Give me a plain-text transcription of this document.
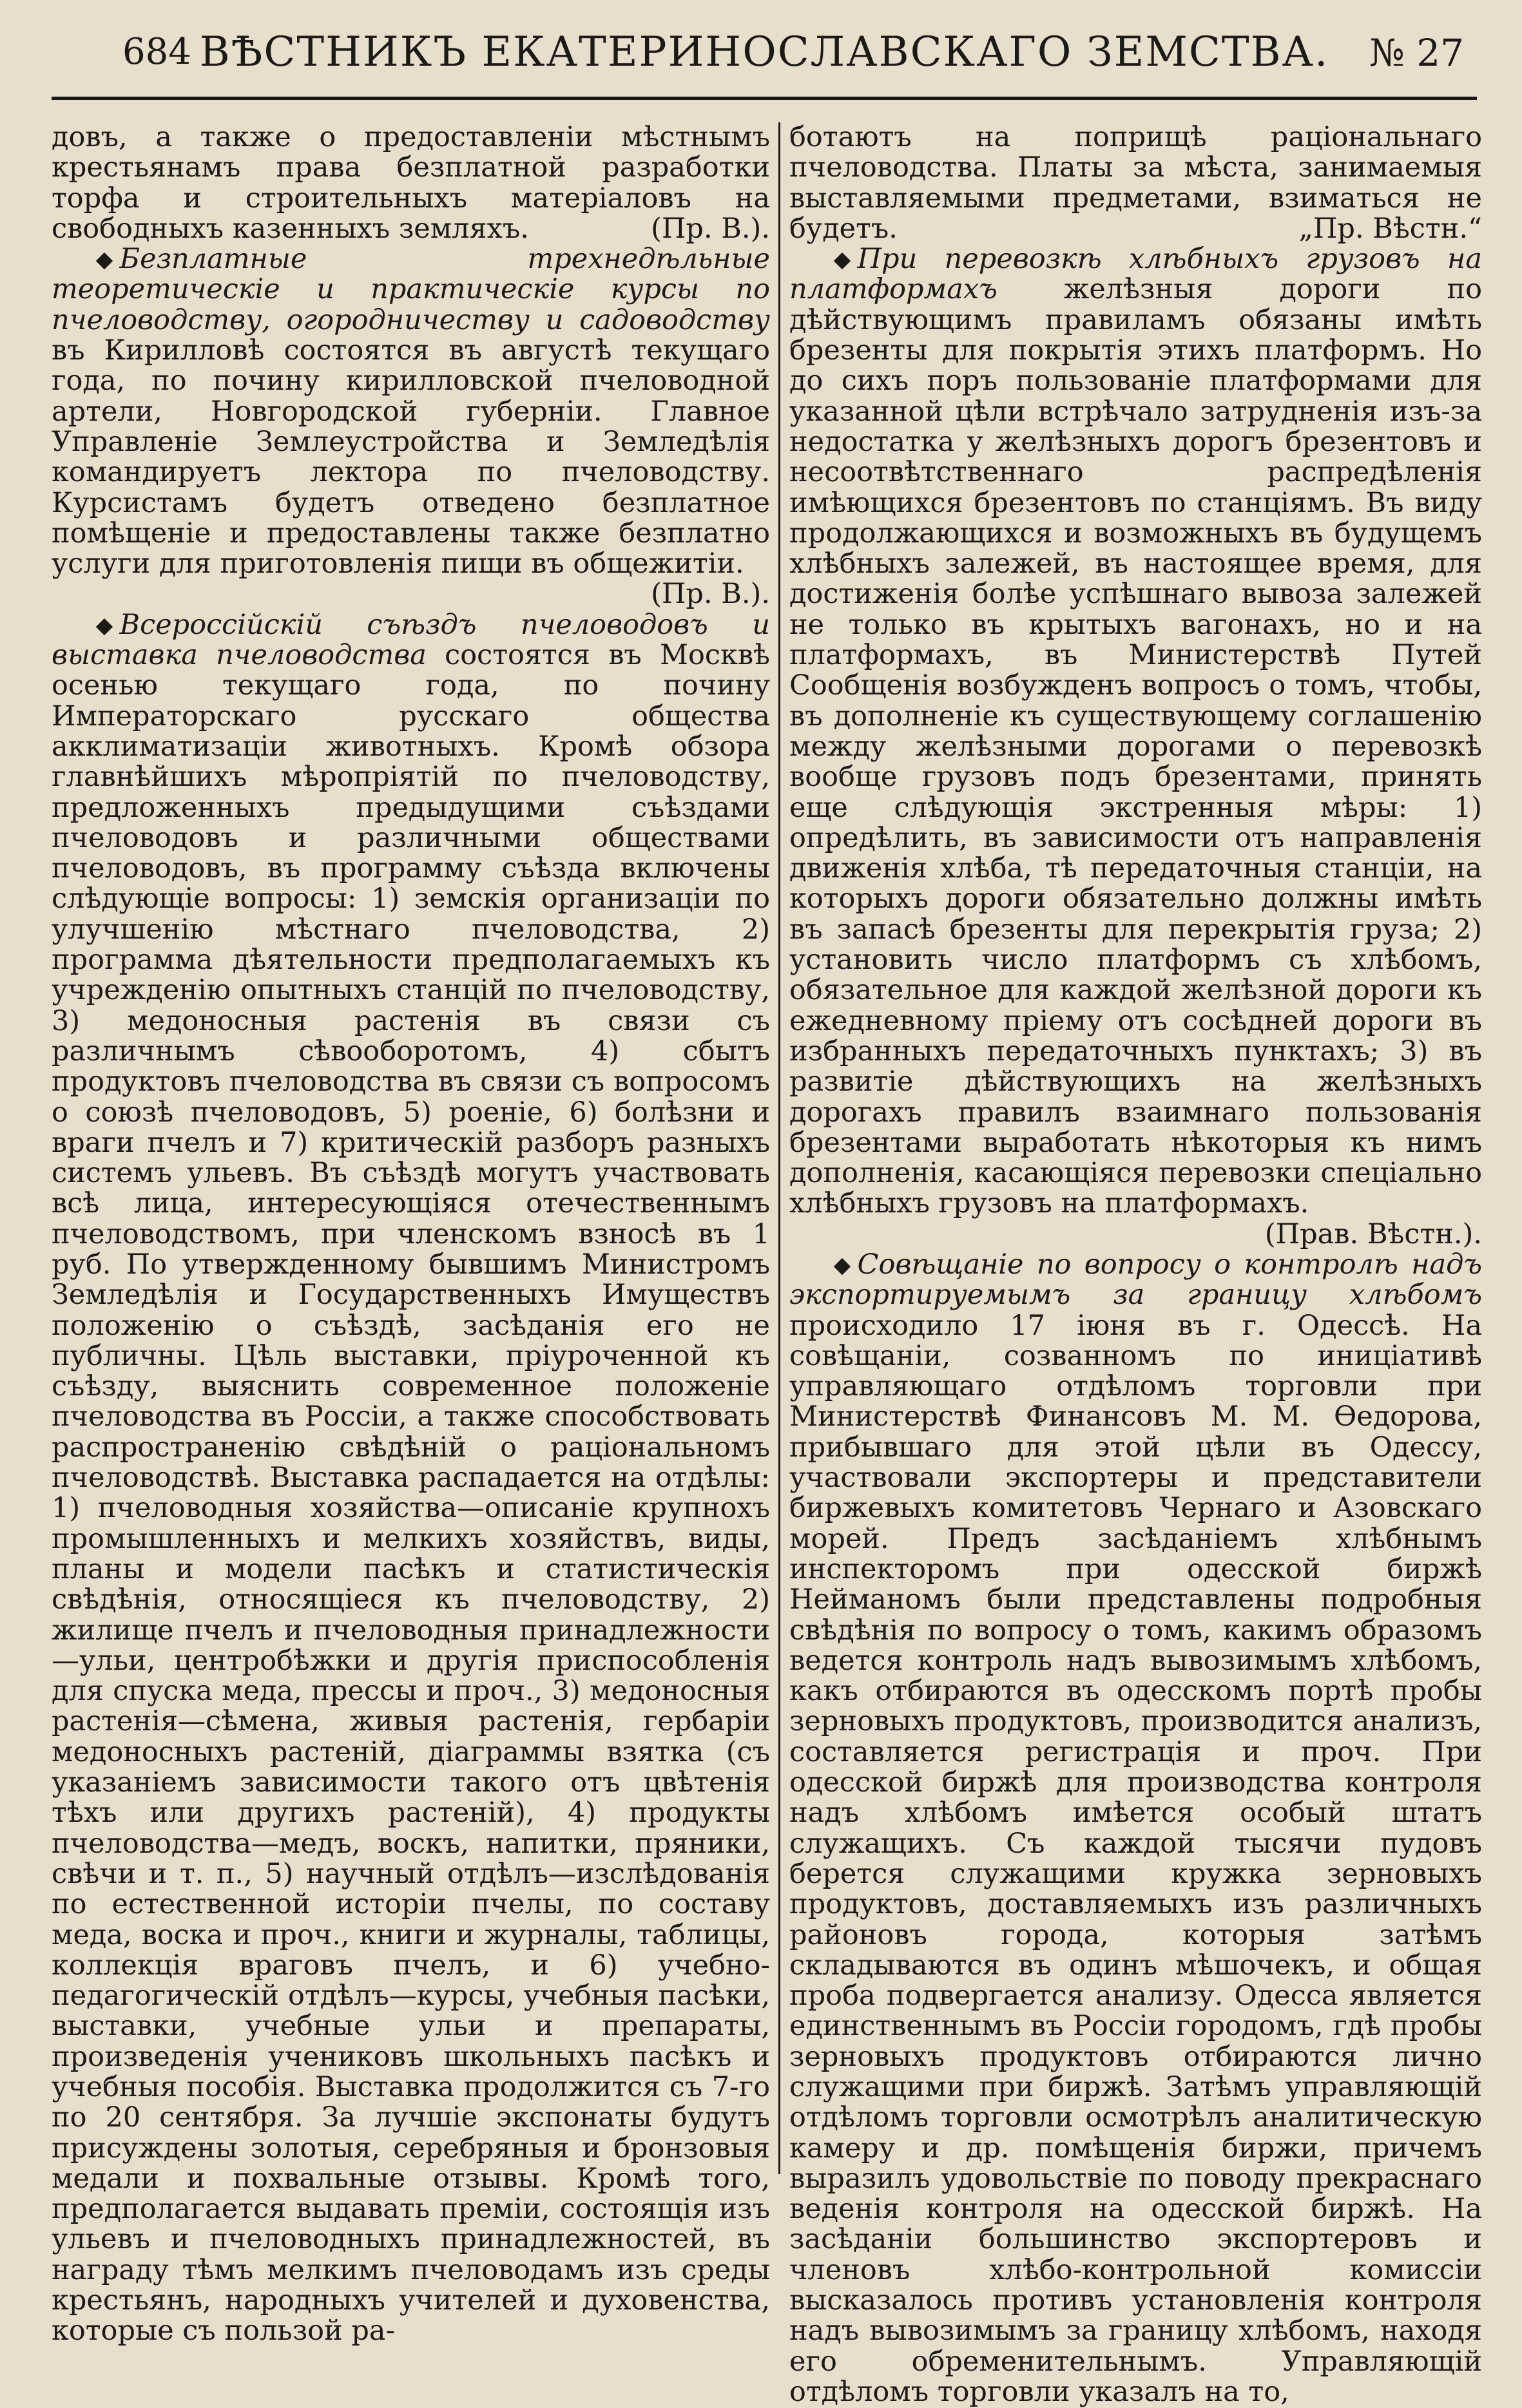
684 ВѢСТНИКЪ ЕКАТЕРИНОСЛАВСКАГО ЗЕМСТВА.	№ 27

довъ, а также о предоставленіи мѣстнымъ крестьянамъ права безплатной разработки торфа и строительныхъ матеріаловъ на свободныхъ казенныхъ земляхъ.	(Пр. В.).

◆ Безплатные трехнедѣльные теоретическіе и практическіе курсы по пчеловодству, огородничеству и садоводству въ Кирилловѣ состоятся въ августѣ текущаго года, по почину кирилловской пчеловодной артели, Новгородской губерніи. Главное Управленіе Землеустройства и Земледѣлія командируетъ лектора по пчеловодству. Курсистамъ будетъ отведено безплатное помѣщеніе и предоставлены также безплатно услуги для приготовленія пищи въ общежитіи.
(Пр. В.).

◆ Всероссійскій съѣздъ пчеловодовъ и выставка пчеловодства состоятся въ Москвѣ осенью текущаго года, по почину Императорскаго русскаго общества акклиматизаціи животныхъ. Кромѣ обзора главнѣйшихъ мѣропріятій по пчеловодству, предложенныхъ предыдущими съѣздами пчеловодовъ и различными обществами пчеловодовъ, въ программу съѣзда включены слѣдующіе вопросы: 1) земскія организаціи по улучшенію мѣстнаго пчеловодства, 2) программа дѣятельности предполагаемыхъ къ учрежденію опытныхъ станцій по пчеловодству, 3) медоносныя растенія въ связи съ различнымъ сѣвооборотомъ, 4) сбытъ продуктовъ пчеловодства въ связи съ вопросомъ о союзѣ пчеловодовъ, 5) роеніе, 6) болѣзни и враги пчелъ и 7) критическій разборъ разныхъ системъ ульевъ. Въ съѣздѣ могутъ участвовать всѣ лица, интересующіяся отечественнымъ пчеловодствомъ, при членскомъ взносѣ въ 1 руб. По утвержденному бывшимъ Министромъ Земледѣлія и Государственныхъ Имуществъ положенію о съѣздѣ, засѣданія его не публичны. Цѣль выставки, пріуроченной къ съѣзду, выяснить современное положеніе пчеловодства въ Россіи, а также способствовать распространенію свѣдѣній о раціональномъ пчеловодствѣ. Выставка распадается на отдѣлы: 1) пчеловодныя хозяйства—описаніе крупнохъ промышленныхъ и мелкихъ хозяйствъ, виды, планы и модели пасѣкъ и статистическія свѣдѣнія, относящіеся къ пчеловодству, 2) жилище пчелъ и пчеловодныя принадлежности—ульи, центробѣжки и другія приспособленія для спуска меда, прессы и проч., 3) медоносныя растенія—сѣмена, живыя растенія, гербаріи медоносныхъ растеній, діаграммы взятка (съ указаніемъ зависимости такого отъ цвѣтенія тѣхъ или другихъ растеній), 4) продукты пчеловодства—медъ, воскъ, напитки, пряники, свѣчи и т. п., 5) научный отдѣлъ—изслѣдованія по естественной исторіи пчелы, по составу меда, воска и проч., книги и журналы, таблицы, коллекція враговъ пчелъ, и 6) учебно-педагогическій отдѣлъ—курсы, учебныя пасѣки, выставки, учебные ульи и препараты, произведенія учениковъ школьныхъ пасѣкъ и учебныя пособія. Выставка продолжится съ 7-го по 20 сентября. За лучшіе экспонаты будутъ присуждены золотыя, серебряныя и бронзовыя медали и похвальные отзывы. Кромѣ того, предполагается выдавать преміи, состоящія изъ ульевъ и пчеловодныхъ принадлежностей, въ награду тѣмъ мелкимъ пчеловодамъ изъ среды крестьянъ, народныхъ учителей и духовенства, которые съ пользой ра-

ботаютъ на поприщѣ раціональнаго пчеловодства. Платы за мѣста, занимаемыя выставляемыми предметами, взиматься не будетъ.	„Пр. Вѣстн.“

◆ При перевозкѣ хлѣбныхъ грузовъ на платформахъ желѣзныя дороги по дѣйствующимъ правиламъ обязаны имѣть брезенты для покрытія этихъ платформъ. Но до сихъ поръ пользованіе платформами для указанной цѣли встрѣчало затрудненія изъ-за недостатка у желѣзныхъ дорогъ брезентовъ и несоотвѣтственнаго распредѣленія имѣющихся брезентовъ по станціямъ. Въ виду продолжающихся и возможныхъ въ будущемъ хлѣбныхъ залежей, въ настоящее время, для достиженія болѣе успѣшнаго вывоза залежей не только въ крытыхъ вагонахъ, но и на платформахъ, въ Министерствѣ Путей Сообщенія возбужденъ вопросъ о томъ, чтобы, въ дополненіе къ существующему соглашенію между желѣзными дорогами о перевозкѣ вообще грузовъ подъ брезентами, принять еще слѣдующія экстренныя мѣры: 1) опредѣлить, въ зависимости отъ направленія движенія хлѣба, тѣ передаточныя станціи, на которыхъ дороги обязательно должны имѣть въ запасѣ брезенты для перекрытія груза; 2) установить число платформъ съ хлѣбомъ, обязательное для каждой желѣзной дороги къ ежедневному пріему отъ сосѣдней дороги въ избранныхъ передаточныхъ пунктахъ; 3) въ развитіе дѣйствующихъ на желѣзныхъ дорогахъ правилъ взаимнаго пользованія брезентами выработать нѣкоторыя къ нимъ дополненія, касающіяся перевозки спеціально хлѣбныхъ грузовъ на платформахъ.
(Прав. Вѣстн.).

◆ Совѣщаніе по вопросу о контролѣ надъ экспортируемымъ за границу хлѣбомъ происходило 17 іюня въ г. Одессѣ. На совѣщаніи, созванномъ по иниціативѣ управляющаго отдѣломъ торговли при Министерствѣ Финансовъ М. М. Ѳедорова, прибывшаго для этой цѣли въ Одессу, участвовали экспортеры и представители биржевыхъ комитетовъ Чернаго и Азовскаго морей. Предъ засѣданіемъ хлѣбнымъ инспекторомъ при одесской биржѣ Нейманомъ были представлены подробныя свѣдѣнія по вопросу о томъ, какимъ образомъ ведется контроль надъ вывозимымъ хлѣбомъ, какъ отбираются въ одесскомъ портѣ пробы зерновыхъ продуктовъ, производится анализъ, составляется регистрація и проч. При одесской биржѣ для производства контроля надъ хлѣбомъ имѣется особый штатъ служащихъ. Съ каждой тысячи пудовъ берется служащими кружка зерновыхъ продуктовъ, доставляемыхъ изъ различныхъ районовъ города, которыя затѣмъ складываются въ одинъ мѣшочекъ, и общая проба подвергается анализу. Одесса является единственнымъ въ Россіи городомъ, гдѣ пробы зерновыхъ продуктовъ отбираются лично служащими при биржѣ. Затѣмъ управляющій отдѣломъ торговли осмотрѣлъ аналитическую камеру и др. помѣщенія биржи, причемъ выразилъ удовольствіе по поводу прекраснаго веденія контроля на одесской биржѣ. На засѣданіи большинство экспортеровъ и членовъ хлѣбо-контрольной комиссіи высказалось противъ установленія контроля надъ вывозимымъ за границу хлѣбомъ, находя его обременительнымъ. Управляющій отдѣломъ торговли указалъ на то,
